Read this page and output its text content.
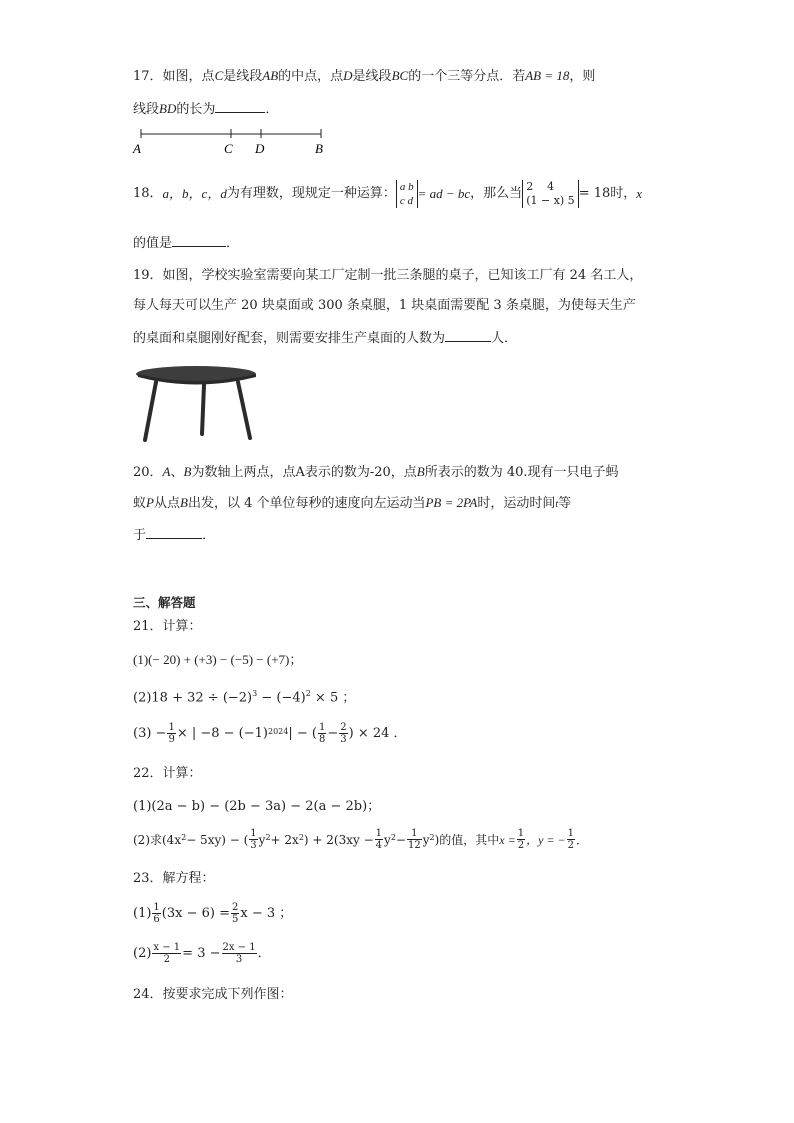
17．如图，点C是线段AB的中点，点D是线段BC的一个三等分点．若AB = 18，则
线段BD的长为	．
A	C D	B
18． a，b，c，d 为有理数，现规定一种运算： a b
c d = ad − bc ，那么当 2    4
(1 − x) 5 = 18 时， x
的值是	．
19．如图，学校实验室需要向某工厂定制一批三条腿的桌子，已知该工厂有 24 名工人，
每人每天可以生产 20 块桌面或 300 条桌腿，1 块桌面需要配 3 条桌腿，为使每天生产
的桌面和桌腿刚好配套，则需要安排生产桌面的人数为	人．
20．A、B为数轴上两点，点A表示的数为-20，点B所表示的数为 40.现有一只电子蚂
蚁P从点B出发，以 4 个单位每秒的速度向左运动当PB = 2PA时，运动时间t等
于	．
三、解答题
21．计算：
(1)(− 20) + (+3) − (−5) − (+7)；
$(2)18 + 32 \div (-2)^3 - (-4)^2 \times 5$ ；
$(3) - \frac{1}{9}$ × | −8 − (−1) 2024 | − ( $\frac{1}{8} - \frac{2}{3}$ ) × 24 ．
22．计算：
(1)(2a − b) − (2b − 3a) − 2(a − 2b)；
(2)求(4x 2 − 5xy) − ( $\frac{1}{3}$ y 2 + 2x 2 ) + $2(3xy - \frac{1}{4}$ y $2 - \frac{1}{12}$ y 2 )的值，其中 $x = \frac{1}{2}$ ，y = − $\frac{1}{2}$ ．
23．解方程：
$(1) \frac{1}{6} (3x - 6) = \frac{2}{5}$ x − 3 ；
$(2) \frac{x - 1}{2} = 3 - \frac{2x - 1}{3}$ ．
24．按要求完成下列作图：
